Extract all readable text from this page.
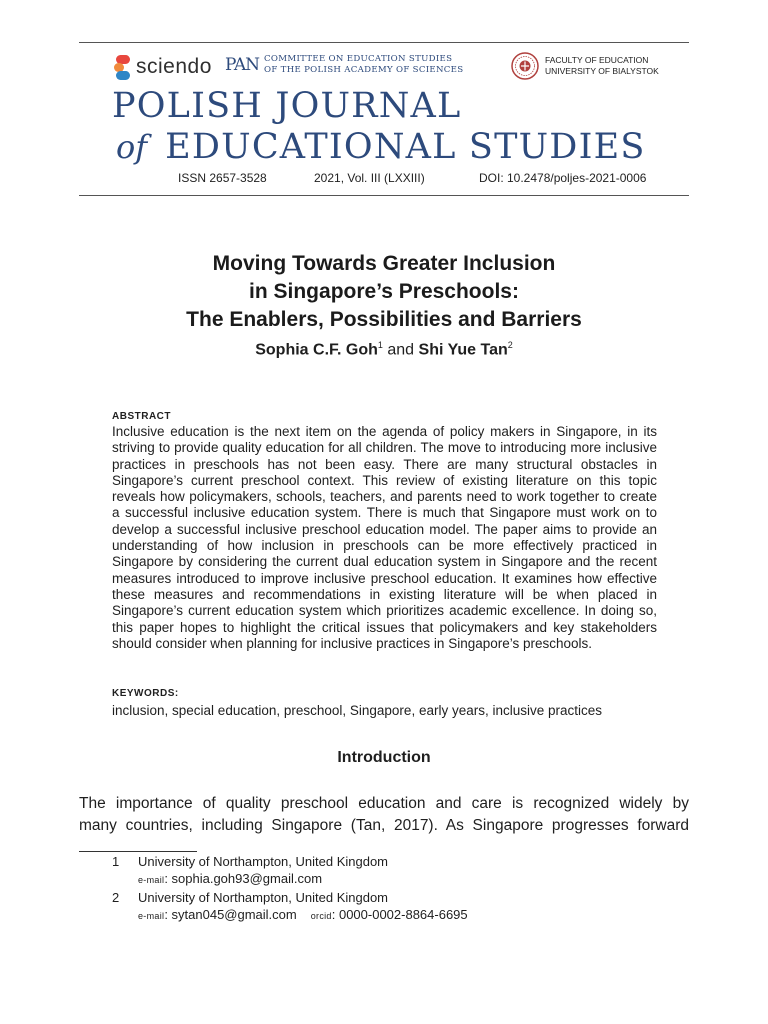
sciendo PAN COMMITTEE ON EDUCATION STUDIES
OF THE POLISH ACADEMY OF SCIENCES
FACULTY OF EDUCATION
UNIVERSITY OF BIALYSTOK
POLISH JOURNAL
of EDUCATIONAL STUDIES
ISSN 2657-3528	2021, Vol. III (LXXIII)	DOI: 10.2478/poljes-2021-0006
Moving Towards Greater Inclusion
in Singapore’s Preschools:
The Enablers, Possibilities and Barriers
Sophia C.F. Goh$^1$ and Shi Yue Tan$^2$
ABSTRACT
Inclusive education is the next item on the agenda of policy makers in Singapore, in its striving to provide quality education for all children. The move to introducing more inclusive practices in preschools has not been easy. There are many structural obstacles in Singapore’s current preschool context. This review of existing literature on this topic reveals how policymakers, schools, teachers, and parents need to work together to create a successful inclusive education system. There is much that Singapore must work on to develop a successful inclusive preschool education model. The paper aims to provide an understanding of how inclusion in preschools can be more effectively practiced in Singapore by considering the current dual education system in Singapore and the recent measures introduced to improve inclusive preschool education. It examines how effective these measures and recommendations in existing literature will be when placed in Singapore’s current education system which prioritizes academic excellence. In doing so, this paper hopes to highlight the critical issues that policymakers and key stakeholders should consider when planning for inclusive practices in Singapore’s preschools.
KEYWORDS:
inclusion, special education, preschool, Singapore, early years, inclusive practices
Introduction
The importance of quality preschool education and care is recognized widely by
many countries, including Singapore (Tan, 2017). As Singapore progresses forward
1 University of Northampton, United Kingdom
e-mail: sophia.goh93@gmail.com
2 University of Northampton, United Kingdom
e-mail: sytan045@gmail.com orcid: 0000-0002-8864-6695
